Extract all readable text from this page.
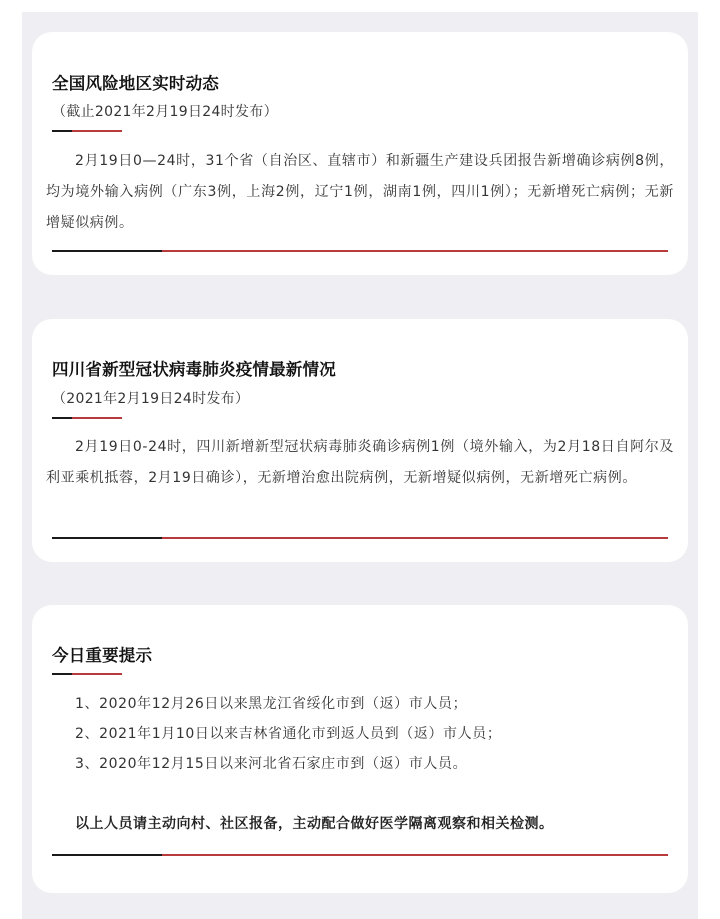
全国风险地区实时动态
（截止2021年2月19日24时发布）
2月19日0—24时，31个省（自治区、直辖市）和新疆生产建设兵团报告新增确诊病例8例，均为境外输入病例（广东3例，上海2例，辽宁1例，湖南1例，四川1例）；无新增死亡病例；无新增疑似病例。
四川省新型冠状病毒肺炎疫情最新情况
（2021年2月19日24时发布）
2月19日0-24时，四川新增新型冠状病毒肺炎确诊病例1例（境外输入，为2月18日自阿尔及利亚乘机抵蓉，2月19日确诊），无新增治愈出院病例，无新增疑似病例，无新增死亡病例。
今日重要提示
1、2020年12月26日以来黑龙江省绥化市到（返）市人员；
2、2021年1月10日以来吉林省通化市到返人员到（返）市人员；
3、2020年12月15日以来河北省石家庄市到（返）市人员。
以上人员请主动向村、社区报备，主动配合做好医学隔离观察和相关检测。
